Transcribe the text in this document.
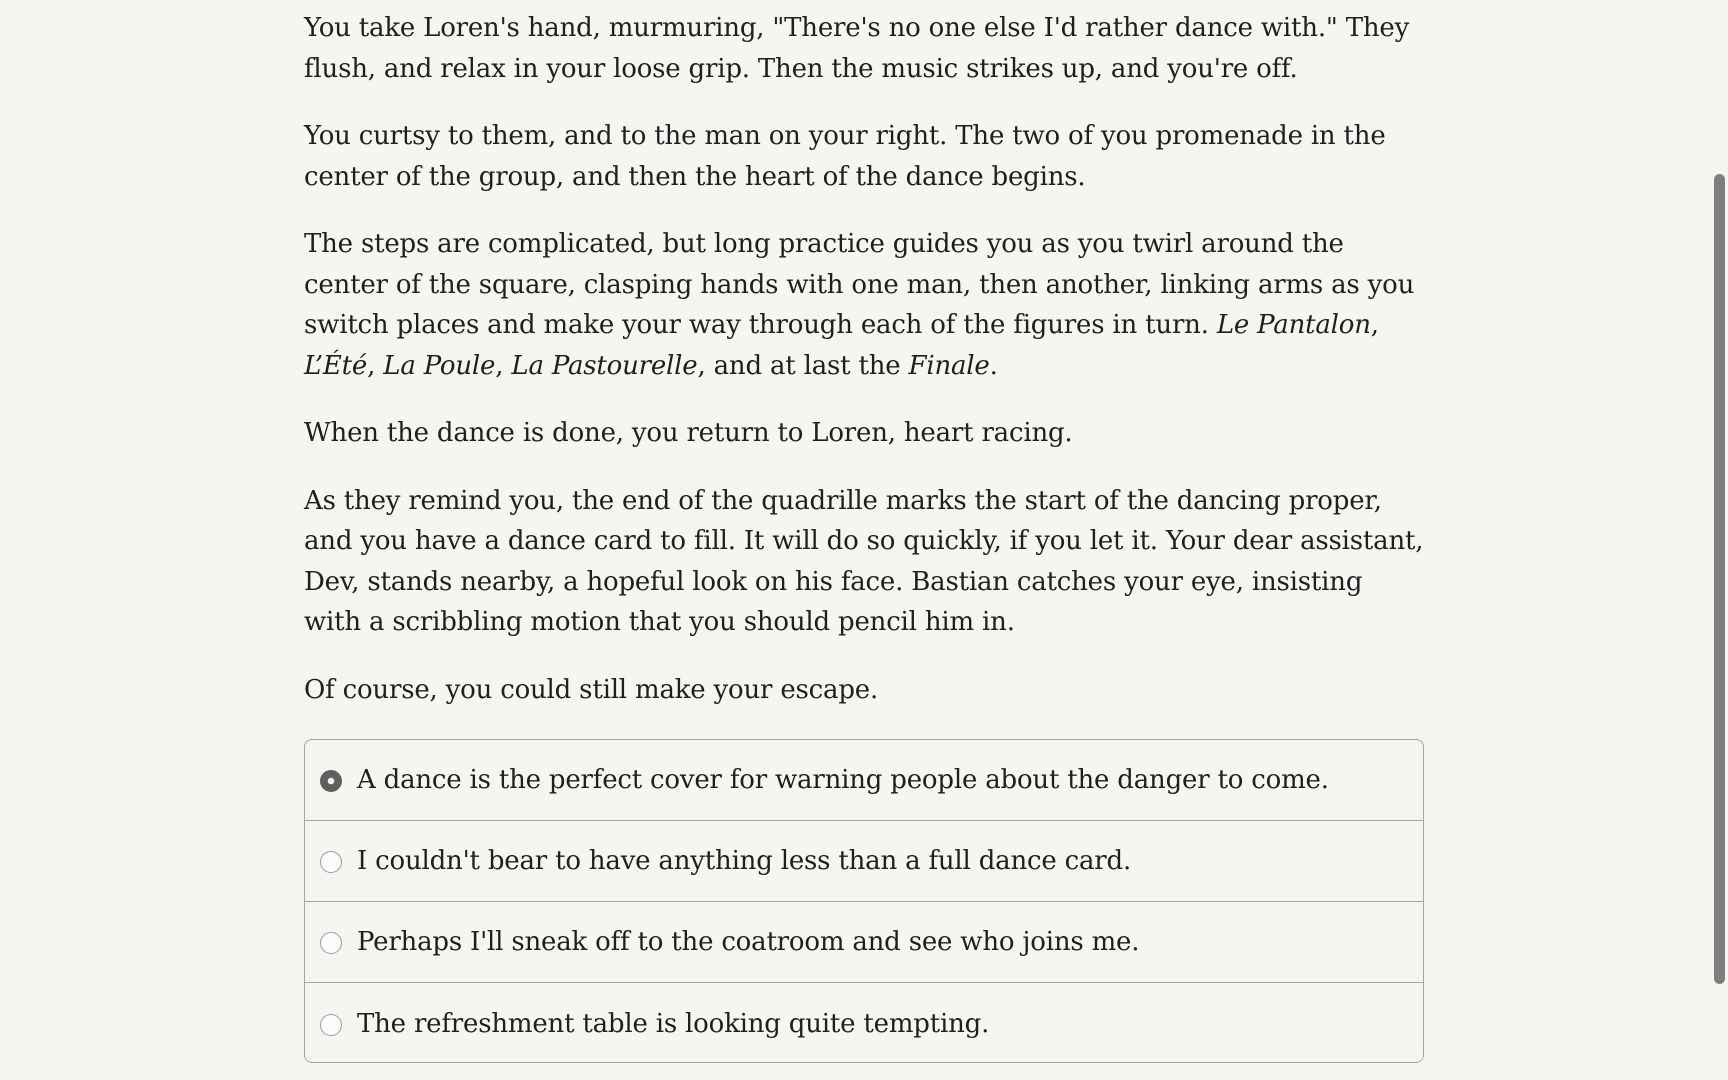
You take Loren's hand, murmuring, "There's no one else I'd rather dance with." They flush, and relax in your loose grip. Then the music strikes up, and you're off.

You curtsy to them, and to the man on your right. The two of you promenade in the center of the group, and then the heart of the dance begins.

The steps are complicated, but long practice guides you as you twirl around the center of the square, clasping hands with one man, then another, linking arms as you switch places and make your way through each of the figures in turn. Le Pantalon, L’Été, La Poule, La Pastourelle, and at last the Finale.

When the dance is done, you return to Loren, heart racing.

As they remind you, the end of the quadrille marks the start of the dancing proper, and you have a dance card to fill. It will do so quickly, if you let it. Your dear assistant, Dev, stands nearby, a hopeful look on his face. Bastian catches your eye, insisting with a scribbling motion that you should pencil him in.

Of course, you could still make your escape.

A dance is the perfect cover for warning people about the danger to come.
I couldn't bear to have anything less than a full dance card.
Perhaps I'll sneak off to the coatroom and see who joins me.
The refreshment table is looking quite tempting.
